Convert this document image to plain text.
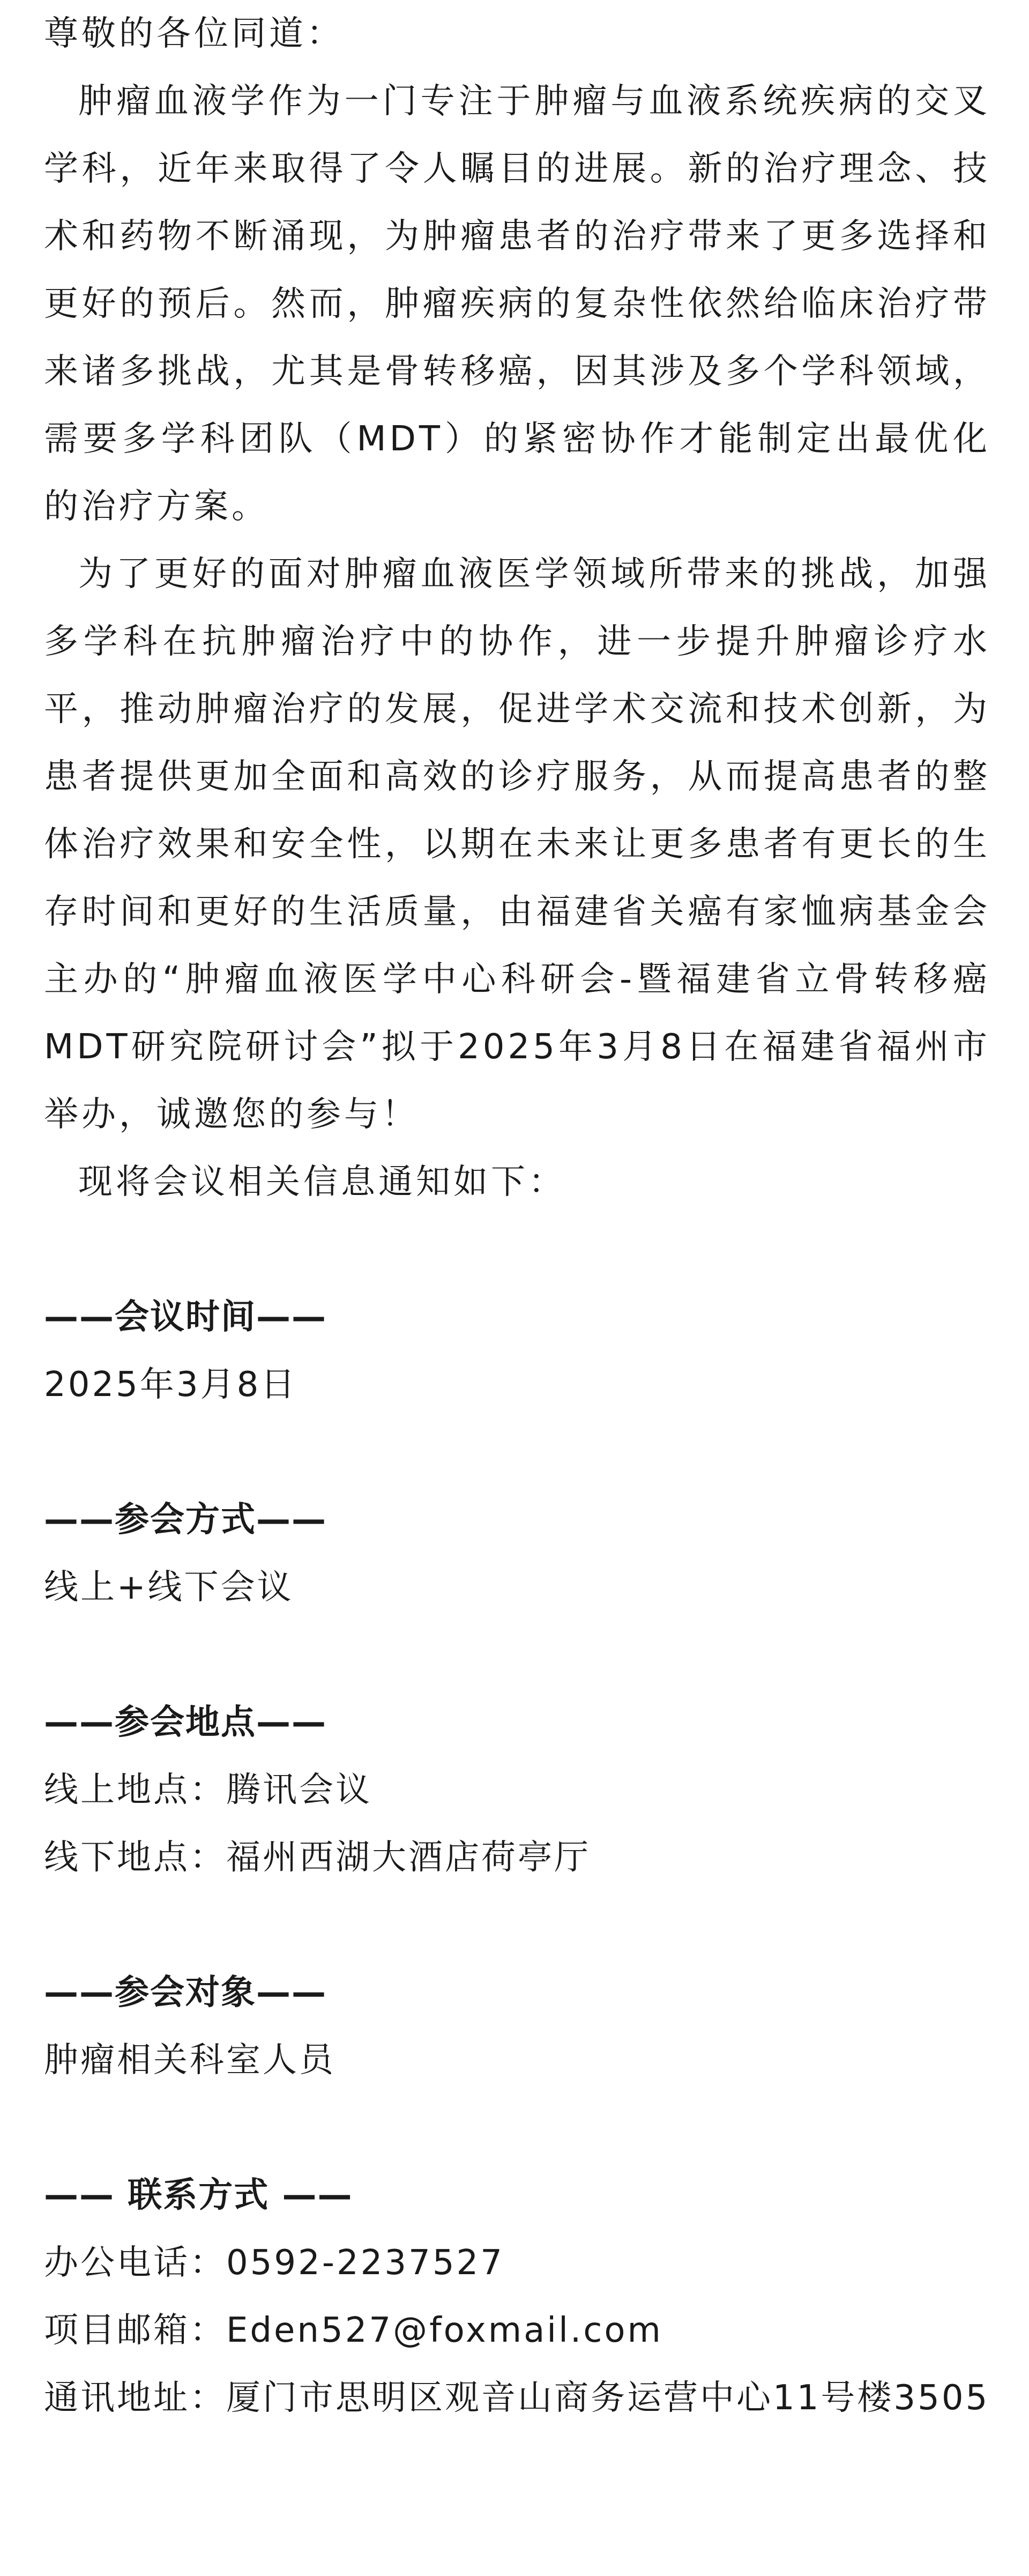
尊敬的各位同道：

肿瘤血液学作为一门专注于肿瘤与血液系统疾病的交叉学科，近年来取得了令人瞩目的进展。新的治疗理念、技术和药物不断涌现，为肿瘤患者的治疗带来了更多选择和更好的预后。然而，肿瘤疾病的复杂性依然给临床治疗带来诸多挑战，尤其是骨转移癌，因其涉及多个学科领域，需要多学科团队（MDT）的紧密协作才能制定出最优化的治疗方案。

为了更好的面对肿瘤血液医学领域所带来的挑战，加强多学科在抗肿瘤治疗中的协作，进一步提升肿瘤诊疗水平，推动肿瘤治疗的发展，促进学术交流和技术创新，为患者提供更加全面和高效的诊疗服务，从而提高患者的整体治疗效果和安全性，以期在未来让更多患者有更长的生存时间和更好的生活质量，由福建省关癌有家恤病基金会主办的“肿瘤血液医学中心科研会-暨福建省立骨转移癌MDT研究院研讨会”拟于2025年3月8日在福建省福州市举办，诚邀您的参与！

现将会议相关信息通知如下：

——会议时间——

2025年3月8日

——参会方式——

线上+线下会议

——参会地点——

线上地点：腾讯会议

线下地点：福州西湖大酒店荷亭厅

——参会对象——

肿瘤相关科室人员

—— 联系方式 ——

办公电话：0592-2237527

项目邮箱：Eden527@foxmail.com

通讯地址：厦门市思明区观音山商务运营中心11号楼3505
